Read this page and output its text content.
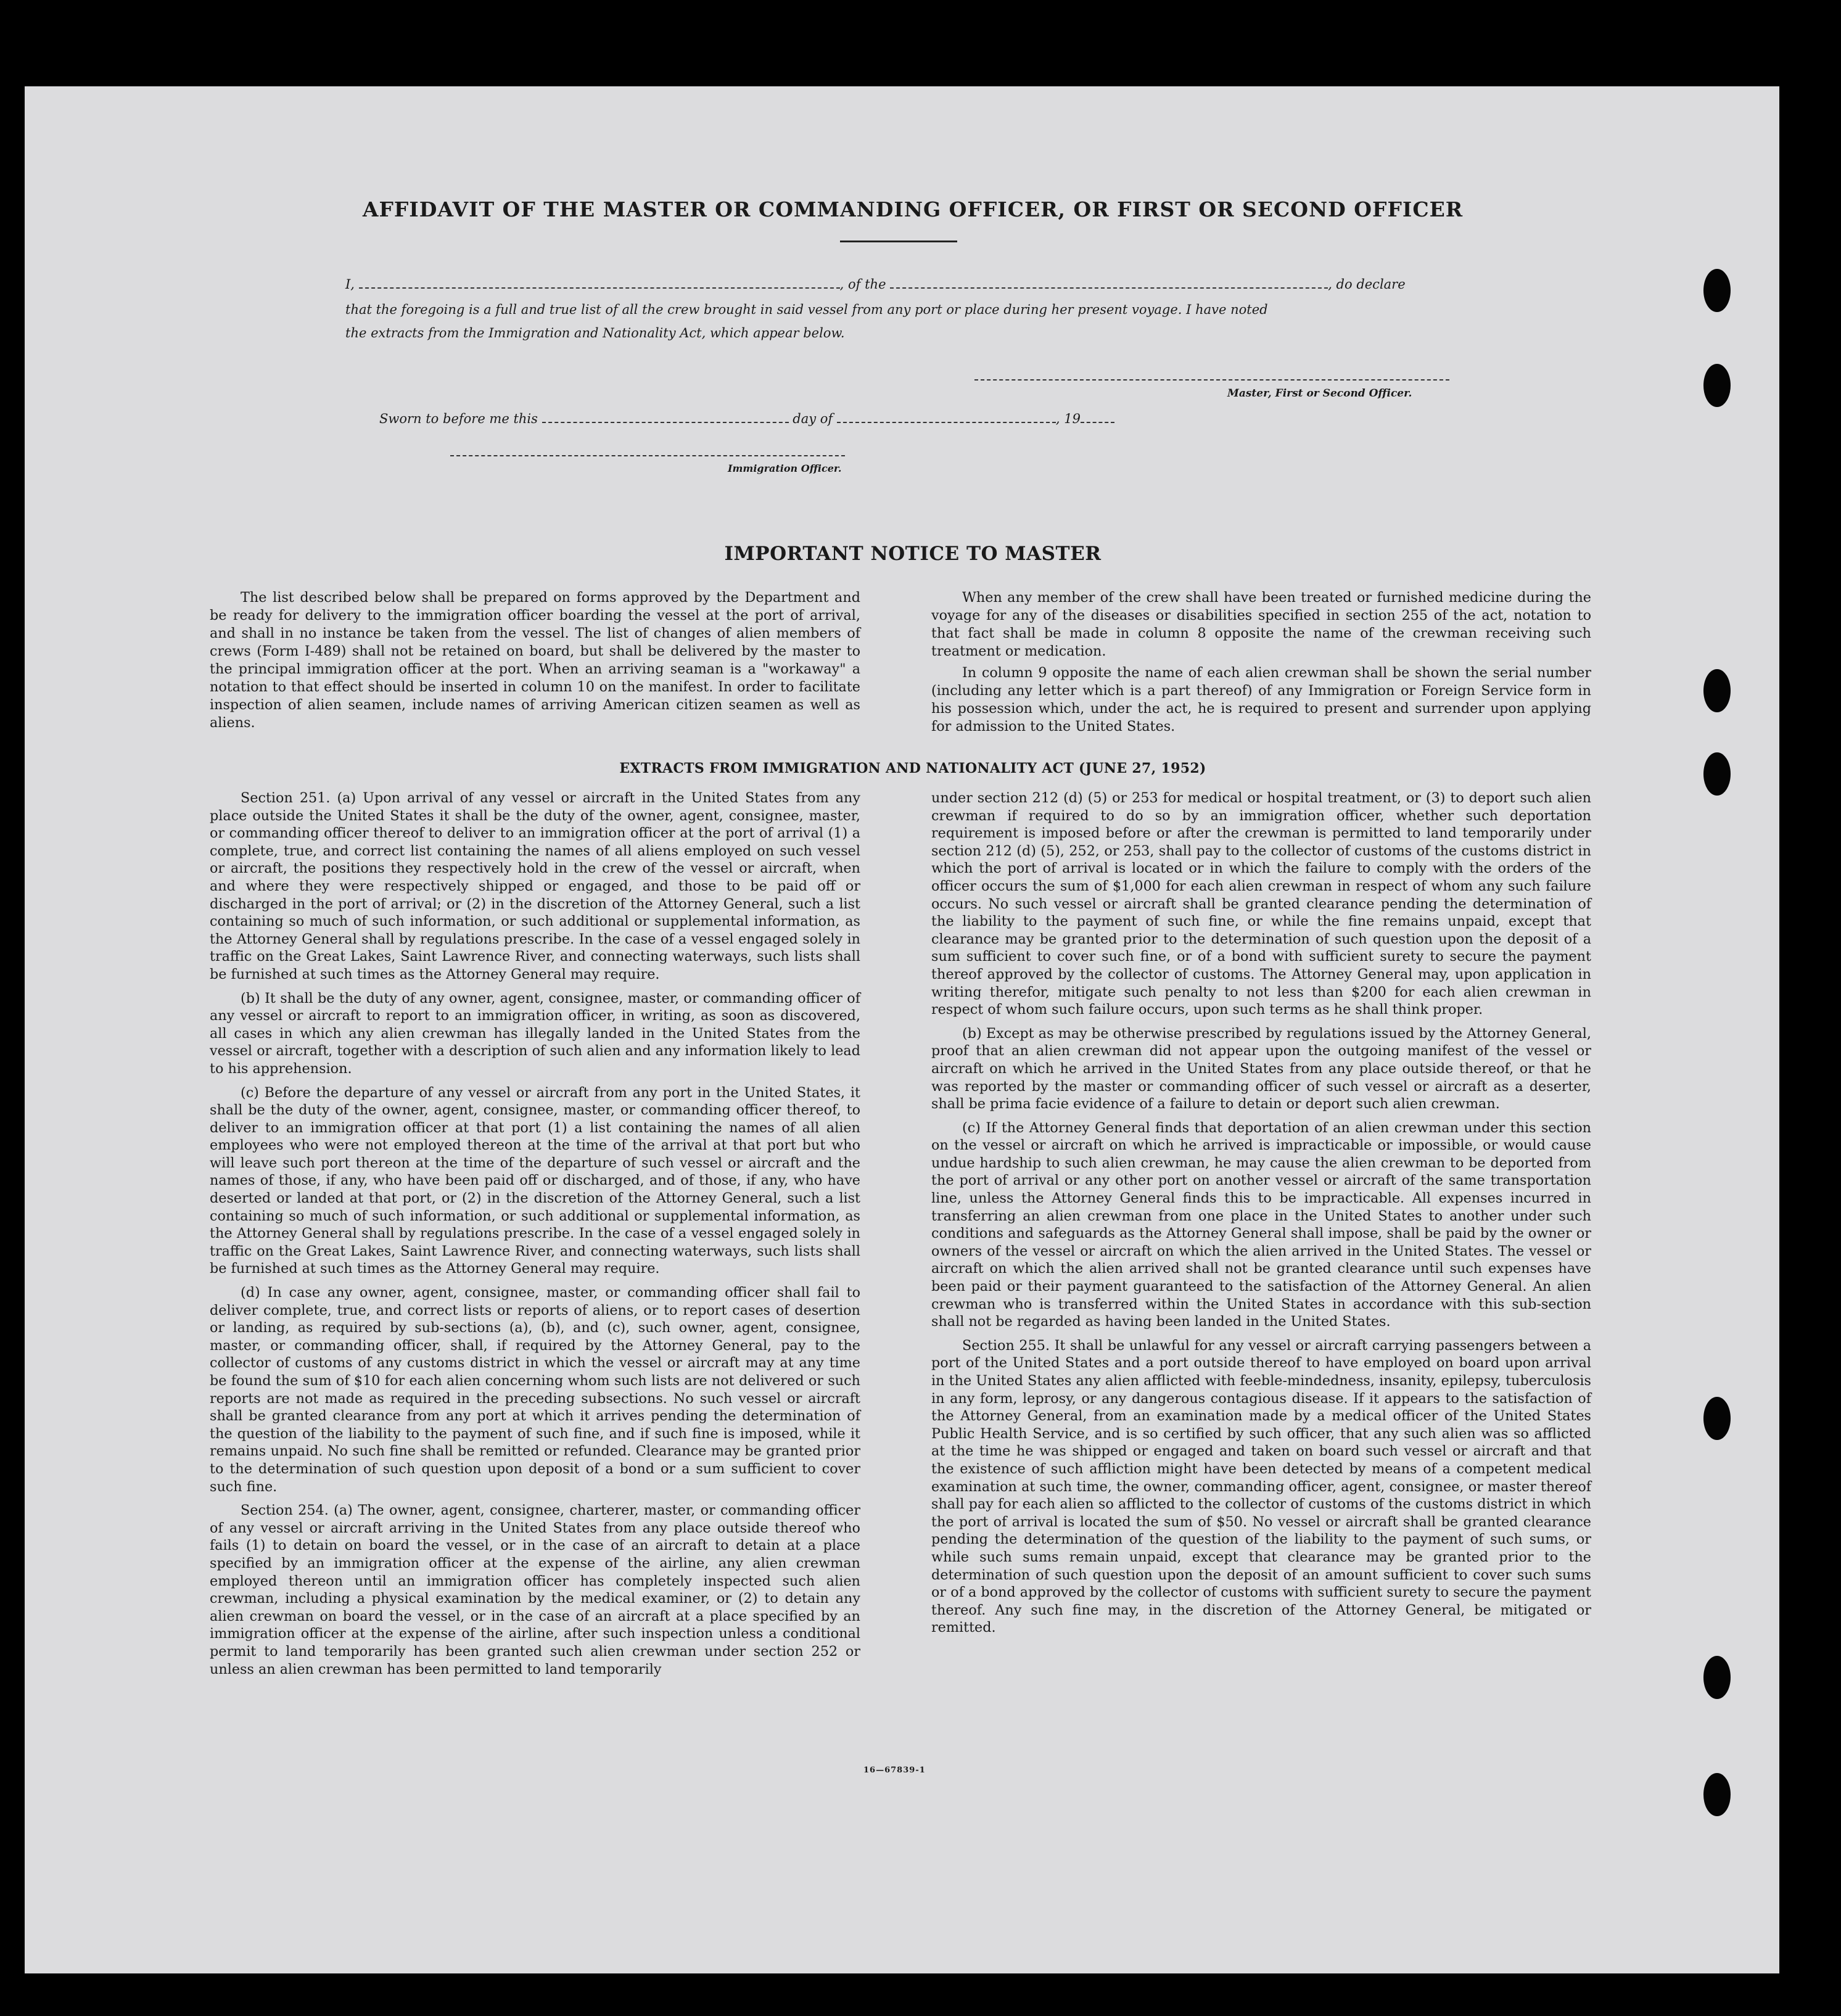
AFFIDAVIT OF THE MASTER OR COMMANDING OFFICER, OR FIRST OR SECOND OFFICER
I,	, of the	, do declare
that the foregoing is a full and true list of all the crew brought in said vessel from any port or place during her present voyage. I have noted
the extracts from the Immigration and Nationality Act, which appear below.
Master, First or Second Officer.
Sworn to before me this	day of	, 19
Immigration Officer.
IMPORTANT NOTICE TO MASTER

The list described below shall be prepared on forms approved by the Department and be ready for delivery to the immigration officer boarding the vessel at the port of arrival, and shall in no instance be taken from the vessel. The list of changes of alien members of crews (Form I-489) shall not be retained on board, but shall be delivered by the master to the principal immigration officer at the port. When an arriving seaman is a "workaway" a notation to that effect should be inserted in column 10 on the manifest. In order to facilitate inspection of alien seamen, include names of arriving American citizen seamen as well as aliens.

When any member of the crew shall have been treated or furnished medicine during the voyage for any of the diseases or disabilities specified in section 255 of the act, notation to that fact shall be made in column 8 opposite the name of the crewman receiving such treatment or medication.

In column 9 opposite the name of each alien crewman shall be shown the serial number (including any letter which is a part thereof) of any Immigration or Foreign Service form in his possession which, under the act, he is required to present and surrender upon applying for admission to the United States.

EXTRACTS FROM IMMIGRATION AND NATIONALITY ACT (JUNE 27, 1952)

Section 251. (a) Upon arrival of any vessel or aircraft in the United States from any place outside the United States it shall be the duty of the owner, agent, consignee, master, or commanding officer thereof to deliver to an immigration officer at the port of arrival (1) a complete, true, and correct list containing the names of all aliens employed on such vessel or aircraft, the positions they respectively hold in the crew of the vessel or aircraft, when and where they were respectively shipped or engaged, and those to be paid off or discharged in the port of arrival; or (2) in the discretion of the Attorney General, such a list containing so much of such information, or such additional or supplemental information, as the Attorney General shall by regulations prescribe. In the case of a vessel engaged solely in traffic on the Great Lakes, Saint Lawrence River, and connecting waterways, such lists shall be furnished at such times as the Attorney General may require.

(b) It shall be the duty of any owner, agent, consignee, master, or commanding officer of any vessel or aircraft to report to an immigration officer, in writing, as soon as discovered, all cases in which any alien crewman has illegally landed in the United States from the vessel or aircraft, together with a description of such alien and any information likely to lead to his apprehension.

(c) Before the departure of any vessel or aircraft from any port in the United States, it shall be the duty of the owner, agent, consignee, master, or commanding officer thereof, to deliver to an immigration officer at that port (1) a list containing the names of all alien employees who were not employed thereon at the time of the arrival at that port but who will leave such port thereon at the time of the departure of such vessel or aircraft and the names of those, if any, who have been paid off or discharged, and of those, if any, who have deserted or landed at that port, or (2) in the discretion of the Attorney General, such a list containing so much of such information, or such additional or supplemental information, as the Attorney General shall by regulations prescribe. In the case of a vessel engaged solely in traffic on the Great Lakes, Saint Lawrence River, and connecting waterways, such lists shall be furnished at such times as the Attorney General may require.

(d) In case any owner, agent, consignee, master, or commanding officer shall fail to deliver complete, true, and correct lists or reports of aliens, or to report cases of desertion or landing, as required by sub-sections (a), (b), and (c), such owner, agent, consignee, master, or commanding officer, shall, if required by the Attorney General, pay to the collector of customs of any customs district in which the vessel or aircraft may at any time be found the sum of $10 for each alien concerning whom such lists are not delivered or such reports are not made as required in the preceding subsections. No such vessel or aircraft shall be granted clearance from any port at which it arrives pending the determination of the question of the liability to the payment of such fine, and if such fine is imposed, while it remains unpaid. No such fine shall be remitted or refunded. Clearance may be granted prior to the determination of such question upon deposit of a bond or a sum sufficient to cover such fine.

Section 254. (a) The owner, agent, consignee, charterer, master, or commanding officer of any vessel or aircraft arriving in the United States from any place outside thereof who fails (1) to detain on board the vessel, or in the case of an aircraft to detain at a place specified by an immigration officer at the expense of the airline, any alien crewman employed thereon until an immigration officer has completely inspected such alien crewman, including a physical examination by the medical examiner, or (2) to detain any alien crewman on board the vessel, or in the case of an aircraft at a place specified by an immigration officer at the expense of the airline, after such inspection unless a conditional permit to land temporarily has been granted such alien crewman under section 252 or unless an alien crewman has been permitted to land temporarily

under section 212 (d) (5) or 253 for medical or hospital treatment, or (3) to deport such alien crewman if required to do so by an immigration officer, whether such deportation requirement is imposed before or after the crewman is permitted to land temporarily under section 212 (d) (5), 252, or 253, shall pay to the collector of customs of the customs district in which the port of arrival is located or in which the failure to comply with the orders of the officer occurs the sum of $1,000 for each alien crewman in respect of whom any such failure occurs. No such vessel or aircraft shall be granted clearance pending the determination of the liability to the payment of such fine, or while the fine remains unpaid, except that clearance may be granted prior to the determination of such question upon the deposit of a sum sufficient to cover such fine, or of a bond with sufficient surety to secure the payment thereof approved by the collector of customs. The Attorney General may, upon application in writing therefor, mitigate such penalty to not less than $200 for each alien crewman in respect of whom such failure occurs, upon such terms as he shall think proper.

(b) Except as may be otherwise prescribed by regulations issued by the Attorney General, proof that an alien crewman did not appear upon the outgoing manifest of the vessel or aircraft on which he arrived in the United States from any place outside thereof, or that he was reported by the master or commanding officer of such vessel or aircraft as a deserter, shall be prima facie evidence of a failure to detain or deport such alien crewman.

(c) If the Attorney General finds that deportation of an alien crewman under this section on the vessel or aircraft on which he arrived is impracticable or impossible, or would cause undue hardship to such alien crewman, he may cause the alien crewman to be deported from the port of arrival or any other port on another vessel or aircraft of the same transportation line, unless the Attorney General finds this to be impracticable. All expenses incurred in transferring an alien crewman from one place in the United States to another under such conditions and safeguards as the Attorney General shall impose, shall be paid by the owner or owners of the vessel or aircraft on which the alien arrived in the United States. The vessel or aircraft on which the alien arrived shall not be granted clearance until such expenses have been paid or their payment guaranteed to the satisfaction of the Attorney General. An alien crewman who is transferred within the United States in accordance with this sub-section shall not be regarded as having been landed in the United States.

Section 255. It shall be unlawful for any vessel or aircraft carrying passengers between a port of the United States and a port outside thereof to have employed on board upon arrival in the United States any alien afflicted with feeble-mindedness, insanity, epilepsy, tuberculosis in any form, leprosy, or any dangerous contagious disease. If it appears to the satisfaction of the Attorney General, from an examination made by a medical officer of the United States Public Health Service, and is so certified by such officer, that any such alien was so afflicted at the time he was shipped or engaged and taken on board such vessel or aircraft and that the existence of such affliction might have been detected by means of a competent medical examination at such time, the owner, commanding officer, agent, consignee, or master thereof shall pay for each alien so afflicted to the collector of customs of the customs district in which the port of arrival is located the sum of $50. No vessel or aircraft shall be granted clearance pending the determination of the question of the liability to the payment of such sums, or while such sums remain unpaid, except that clearance may be granted prior to the determination of such question upon the deposit of an amount sufficient to cover such sums or of a bond approved by the collector of customs with sufficient surety to secure the payment thereof. Any such fine may, in the discretion of the Attorney General, be mitigated or remitted.

16—67839-1
